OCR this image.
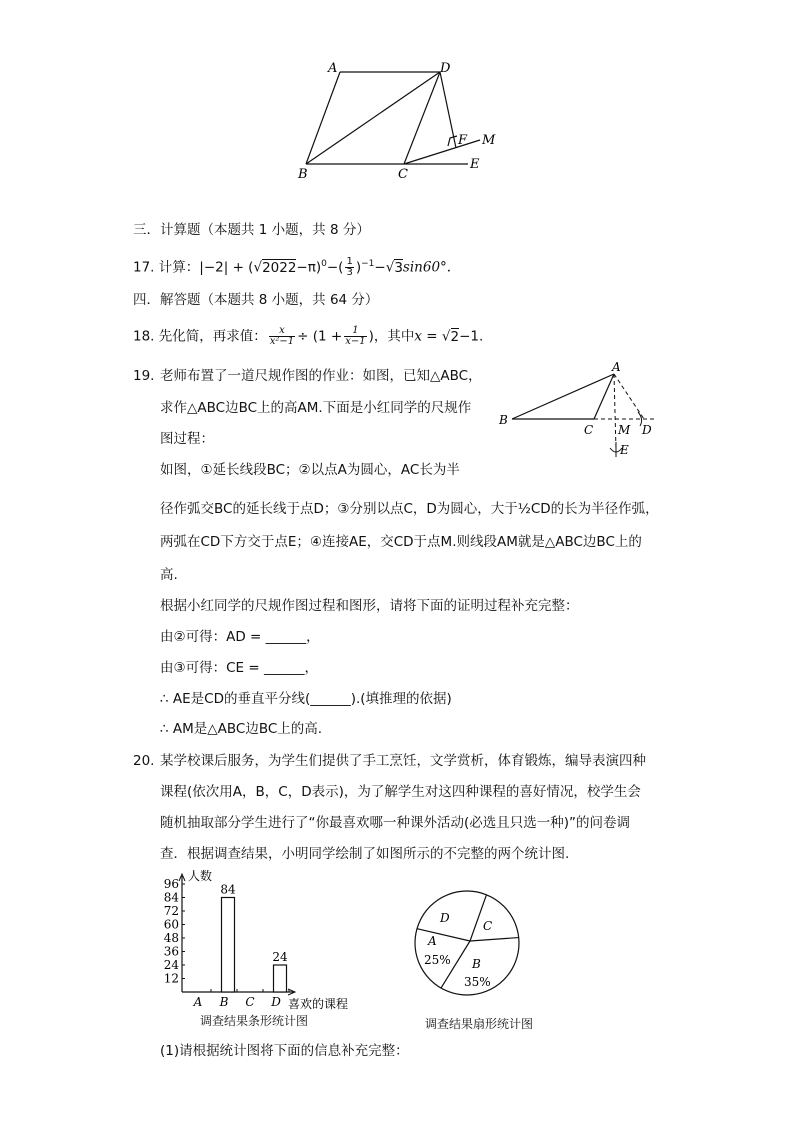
A	D
B	C
E
F M
三．计算题（本题共 1 小题，共 8 分）
17. 计算：$|-2| + (√2022-\pi)^0-( \frac{1}{3} )^{-1}-√3\sin 60^\circ$.
四．解答题（本题共 8 小题，共 64 分）
18. 先化简，再求值： $\frac{x}{\text{x²−1}} \div (1 + \frac{1}{x-1}$ )，其中x = √2−1.
19. 老师布置了一道尺规作图的作业：如图，已知△ABC，
求作△ABC边BC上的高AM.下面是小红同学的尺规作
图过程：
如图，①延长线段BC；②以点A为圆心，AC长为半
径作弧交BC的延长线于点D；③分别以点C，D为圆心，大于½CD的长为半径作弧，
两弧在CD下方交于点E；④连接AE，交CD于点M.则线段AM就是△ABC边BC上的
高.
根据小红同学的尺规作图过程和图形，请将下面的证明过程补充完整：
由②可得：AD = ______，
由③可得：CE = ______，
∴ AE是CD的垂直平分线(______).(填推理的依据)
∴ AM是△ABC边BC上的高.
A
B
C M D
E
20. 某学校课后服务，为学生们提供了手工烹饪，文学赏析，体育锻炼，编导表演四种
课程(依次用A，B，C，D表示)，为了解学生对这四种课程的喜好情况，校学生会
随机抽取部分学生进行了“你最喜欢哪一种课外活动(必选且只选一种)”的问卷调
查．根据调查结果，小明同学绘制了如图所示的不完整的两个统计图.
人数
喜欢的课程
96
84
72
60
48
36
24
12
84
24
A B C D
调查结果条形统计图
A
25% B
35%
C
D
调查结果扇形统计图
(1)请根据统计图将下面的信息补充完整：
